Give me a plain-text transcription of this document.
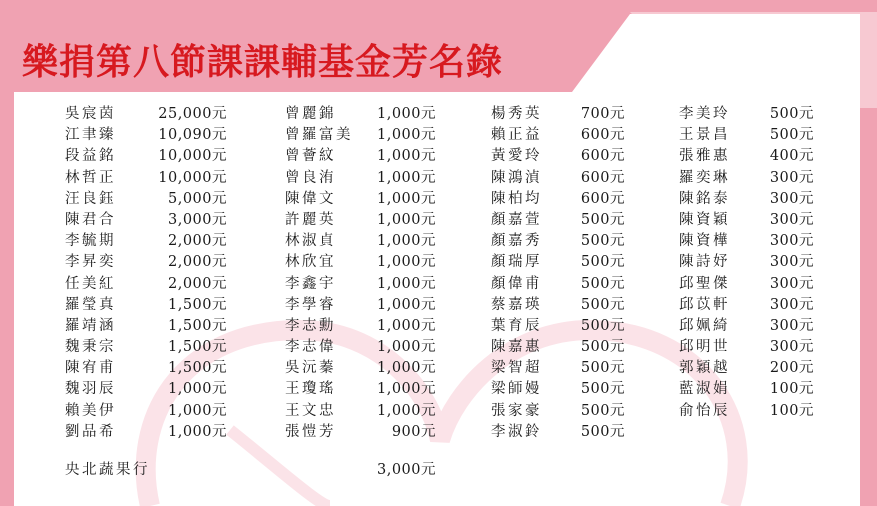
樂捐第八節課課輔基金芳名錄
吳宸茵	25,000元
江聿臻	10,090元
段益銘	10,000元
林哲正	10,000元
汪良鈺	5,000元
陳君合	3,000元
李毓期	2,000元
李昇奕	2,000元
任美紅	2,000元
羅瑩真	1,500元
羅靖涵	1,500元
魏秉宗	1,500元
陳宥甫	1,500元
魏羽辰	1,000元
賴美伊	1,000元
劉品希	1,000元
曾麗錦	1,000元
曾羅富美 1,000元
曾薈紋	1,000元
曾良洧	1,000元
陳偉文	1,000元
許麗英	1,000元
林淑貞	1,000元
林欣宜	1,000元
李鑫宇	1,000元
李學睿	1,000元
李志勳	1,000元
李志偉	1,000元
吳沅蓁	1,000元
王瓊瑤	1,000元
王文忠	1,000元
張愷芳	900元
楊秀英	700元
賴正益	600元
黃愛玲	600元
陳鴻湞	600元
陳柏均	600元
顏嘉萱	500元
顏嘉秀	500元
顏瑞厚	500元
顏偉甫	500元
蔡嘉瑛	500元
葉育辰	500元
陳嘉惠	500元
梁智超	500元
梁師嫚	500元
張家豪	500元
李淑鈴	500元
李美玲	500元
王景昌	500元
張雅惠	400元
羅奕琳	300元
陳銘泰	300元
陳資穎	300元
陳資樺	300元
陳詩妤	300元
邱聖傑	300元
邱苡軒	300元
邱姵綺	300元
邱明世	300元
郭穎越	200元
藍淑娟	100元
俞怡辰	100元
央北蔬果行	3,000元
